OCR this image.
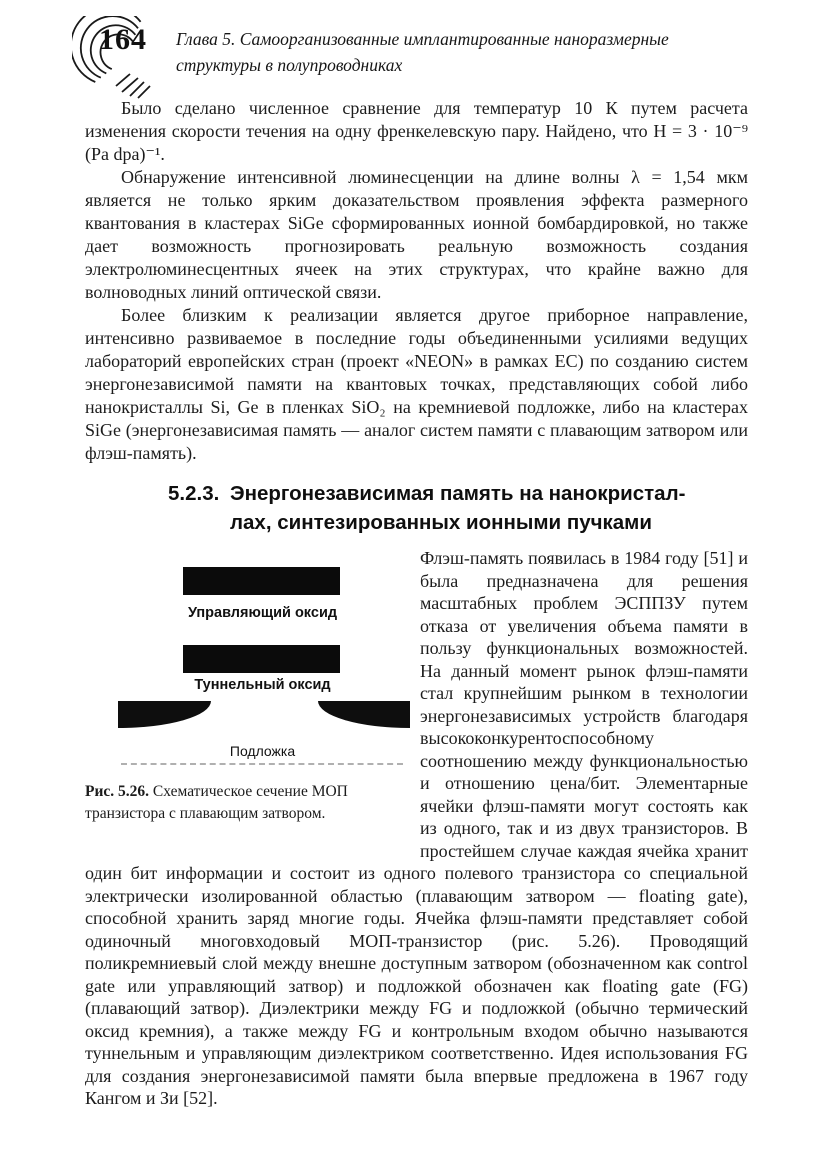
164 Глава 5. Самоорганизованные имплантированные наноразмерные
структуры в полупроводниках

Было сделано численное сравнение для температур 10 К путем расчета изменения скорости течения на одну френкелевскую пару. Найдено, что Н = 3 · 10⁻⁹ (Pa dpa)⁻¹.

Обнаружение интенсивной люминесценции на длине волны λ = 1,54 мкм является не только ярким доказательством проявления эффекта размерного квантования в кластерах SiGe сформированных ионной бомбардировкой, но также дает возможность прогнозировать реальную возможность создания электролюминесцентных ячеек на этих структурах, что крайне важно для волноводных линий оптической связи.

Более близким к реализации является другое приборное направление, интенсивно развиваемое в последние годы объединенными усилиями ведущих лабораторий европейских стран (проект «NEON» в рамках ЕС) по созданию систем энергонезависимой памяти на квантовых точках, представляющих собой либо нанокристаллы Si, Ge в пленках SiO₂ на кремниевой подложке, либо на кластерах SiGe (энергонезависимая память — аналог систем памяти с плавающим затвором или флэш-память).

5.2.3. Энергонезависимая память на нанокристал-
лах, синтезированных ионными пучками
Управляющий оксид
Туннельный оксид
Подложка

Рис. 5.26. Схематическое сечение МОП транзистора с плавающим затвором.

Флэш-память появилась в 1984 году [51] и была предназначена для решения масштабных проблем ЭСППЗУ путем отказа от увеличения объема памяти в пользу функциональных возможностей. На данный момент рынок флэш-памяти стал крупнейшим рынком в технологии энергонезависимых устройств благодаря высококонкурентоспособному соотношению между функциональностью и отношению цена/бит. Элементарные ячейки флэш-памяти могут состоять как из одного, так и из двух транзисторов. В простейшем случае каждая ячейка хранит один бит информации и состоит из одного полевого транзистора со специальной электрически изолированной областью (плавающим затвором — floating gate), способной хранить заряд многие годы. Ячейка флэш-памяти представляет собой одиночный многовходовый МОП-транзистор (рис. 5.26). Проводящий поликремниевый слой между внешне доступным затвором (обозначенном как control gate или управляющий затвор) и подложкой обозначен как floating gate (FG) (плавающий затвор). Диэлектрики между FG и подложкой (обычно термический оксид кремния), а также между FG и контрольным входом обычно называются туннельным и управляющим диэлектриком соответственно. Идея использования FG для создания энергонезависимой памяти была впервые предложена в 1967 году Кангом и Зи [52].
